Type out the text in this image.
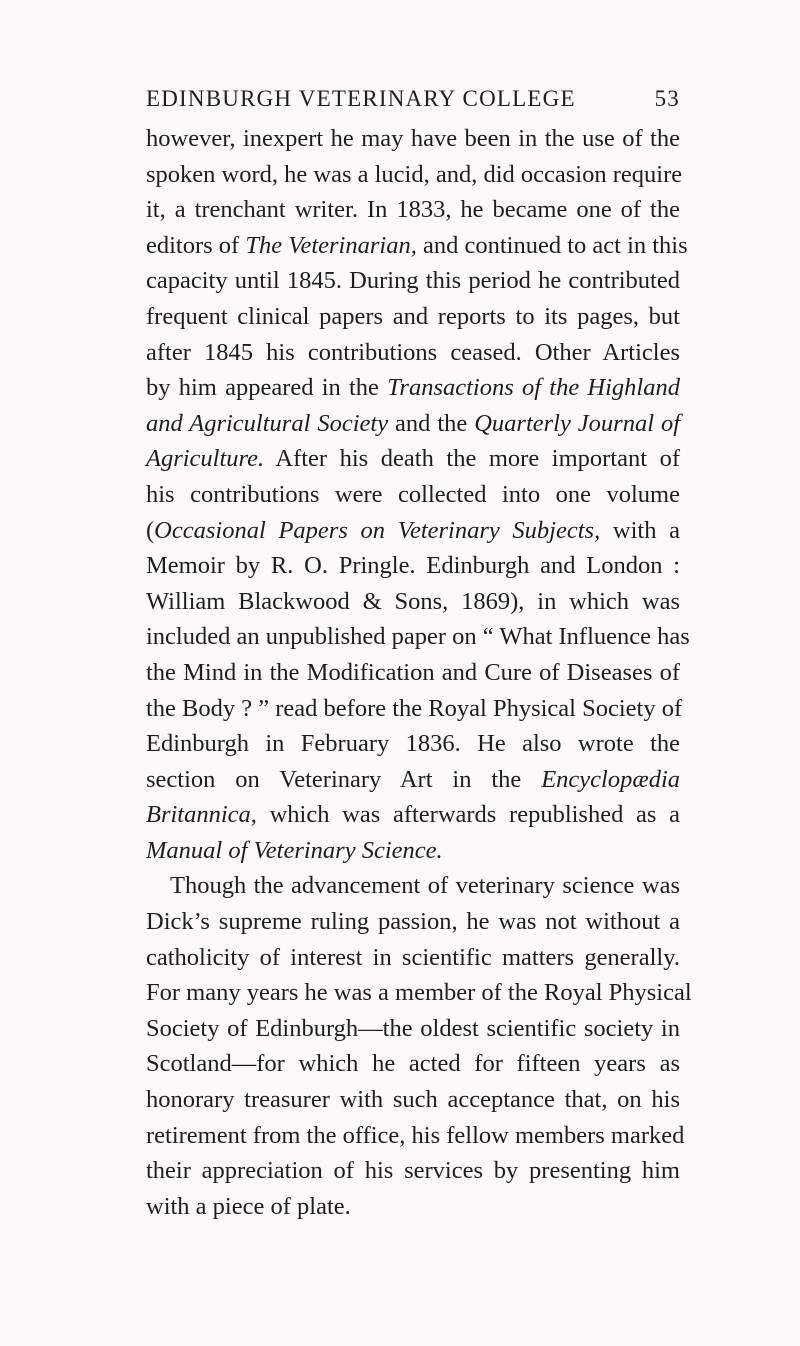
EDINBURGH VETERINARY COLLEGE	53
however, inexpert he may have been in the use of the
spoken word, he was a lucid, and, did occasion require
it, a trenchant writer. In 1833, he became one of the
editors of The Veterinarian, and continued to act in this
capacity until 1845. During this period he contributed
frequent clinical papers and reports to its pages, but
after 1845 his contributions ceased. Other Articles
by him appeared in the Transactions of the Highland
and Agricultural Society and the Quarterly Journal of
Agriculture. After his death the more important of
his contributions were collected into one volume
(Occasional Papers on Veterinary Subjects, with a
Memoir by R. O. Pringle. Edinburgh and London :
William Blackwood & Sons, 1869), in which was
included an unpublished paper on “ What Influence has
the Mind in the Modification and Cure of Diseases of
the Body ? ” read before the Royal Physical Society of
Edinburgh in February 1836. He also wrote the
section on Veterinary Art in the Encyclopædia
Britannica, which was afterwards republished as a
Manual of Veterinary Science.
Though the advancement of veterinary science was
Dick’s supreme ruling passion, he was not without a
catholicity of interest in scientific matters generally.
For many years he was a member of the Royal Physical
Society of Edinburgh—the oldest scientific society in
Scotland—for which he acted for fifteen years as
honorary treasurer with such acceptance that, on his
retirement from the office, his fellow members marked
their appreciation of his services by presenting him
with a piece of plate.
